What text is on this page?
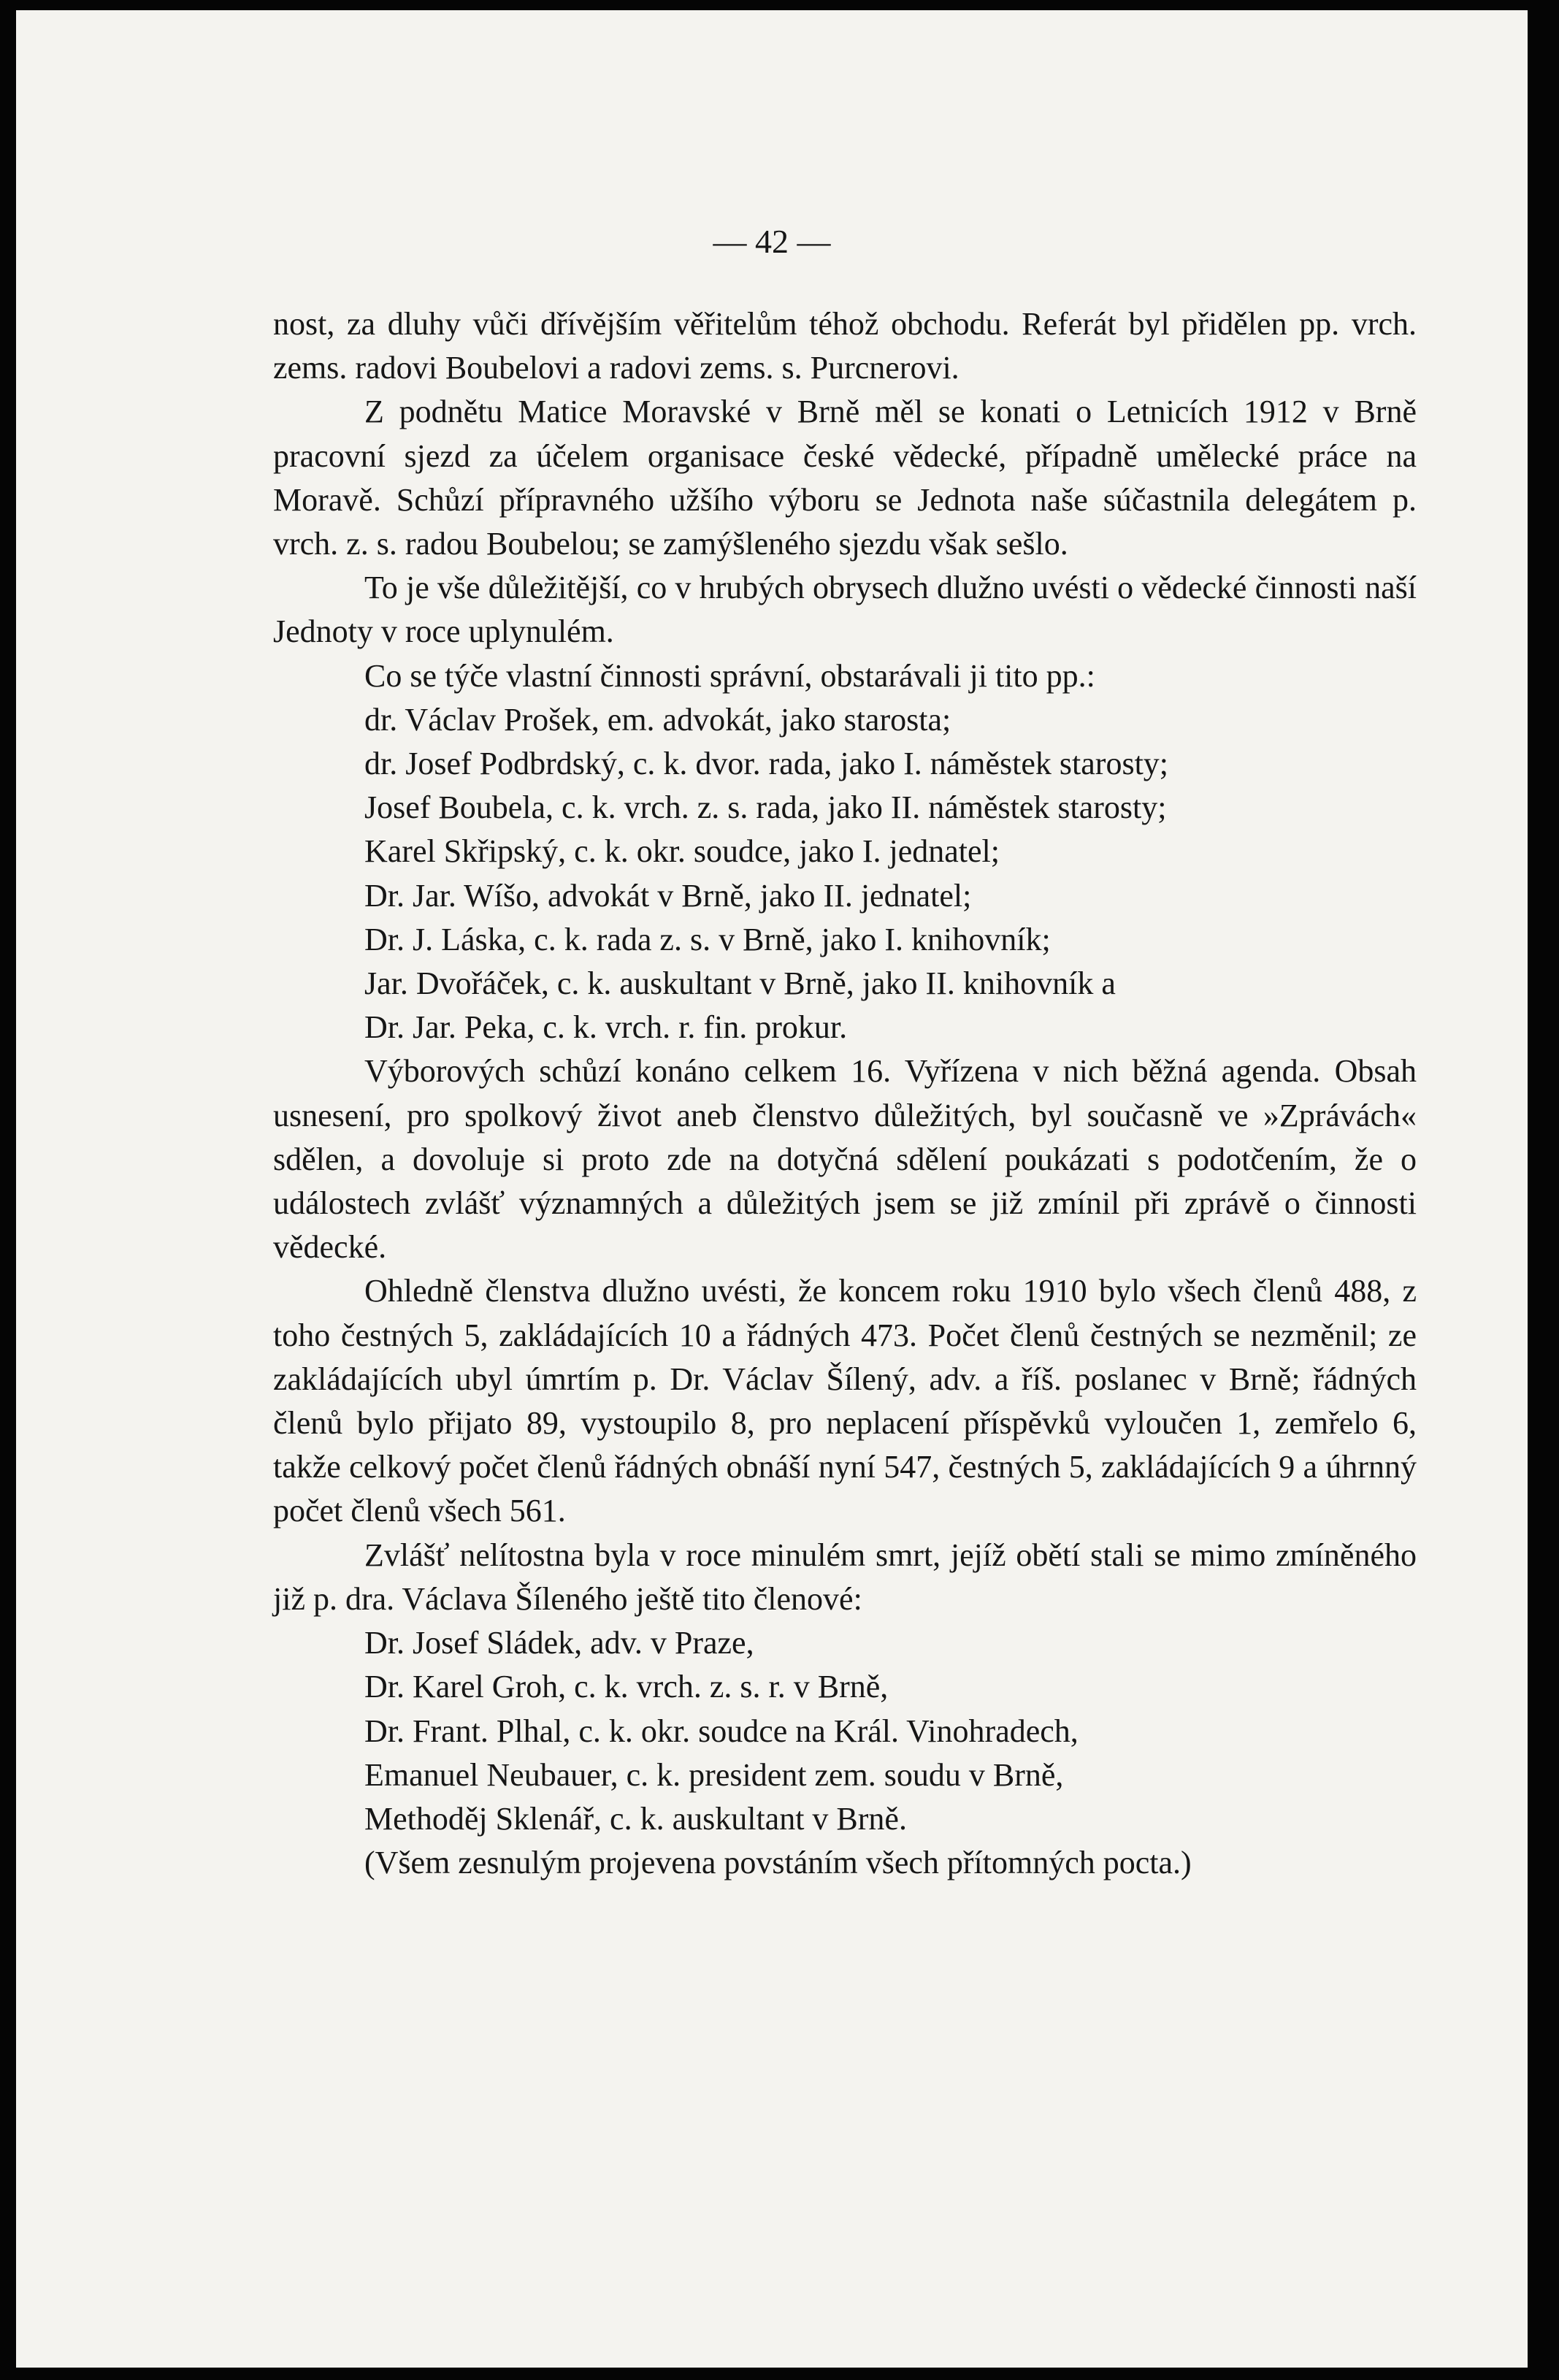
— 42 —

nost, za dluhy vůči dřívějším věřitelům téhož obchodu. Referát byl přidělen pp. vrch. zems. radovi Boubelovi a radovi zems. s. Purcnerovi.

Z podnětu Matice Moravské v Brně měl se konati o Letnicích 1912 v Brně pracovní sjezd za účelem organisace české vědecké, případně umělecké práce na Moravě. Schůzí přípravného užšího výboru se Jednota naše súčastnila delegátem p. vrch. z. s. radou Boubelou; se zamýšleného sjezdu však sešlo.

To je vše důležitější, co v hrubých obrysech dlužno uvésti o vědecké činnosti naší Jednoty v roce uplynulém.

Co se týče vlastní činnosti správní, obstarávali ji tito pp.:

dr. Václav Prošek, em. advokát, jako starosta;

dr. Josef Podbrdský, c. k. dvor. rada, jako I. náměstek starosty;

Josef Boubela, c. k. vrch. z. s. rada, jako II. náměstek starosty;

Karel Skřipský, c. k. okr. soudce, jako I. jednatel;

Dr. Jar. Wíšo, advokát v Brně, jako II. jednatel;

Dr. J. Láska, c. k. rada z. s. v Brně, jako I. knihovník;

Jar. Dvořáček, c. k. auskultant v Brně, jako II. knihovník a

Dr. Jar. Peka, c. k. vrch. r. fin. prokur.

Výborových schůzí konáno celkem 16. Vyřízena v nich běžná agenda. Obsah usnesení, pro spolkový život aneb členstvo důležitých, byl současně ve »Zprávách« sdělen, a dovoluje si proto zde na dotyčná sdělení poukázati s podotčením, že o událostech zvlášť významných a důležitých jsem se již zmínil při zprávě o činnosti vědecké.

Ohledně členstva dlužno uvésti, že koncem roku 1910 bylo všech členů 488, z toho čestných 5, zakládajících 10 a řádných 473. Počet členů čestných se nezměnil; ze zakládajících ubyl úmrtím p. Dr. Václav Šílený, adv. a říš. poslanec v Brně; řádných členů bylo přijato 89, vystoupilo 8, pro neplacení příspěvků vyloučen 1, zemřelo 6, takže celkový počet členů řádných obnáší nyní 547, čestných 5, zakládajících 9 a úhrnný počet členů všech 561.

Zvlášť nelítostna byla v roce minulém smrt, jejíž obětí stali se mimo zmíněného již p. dra. Václava Šíleného ještě tito členové:

Dr. Josef Sládek, adv. v Praze,

Dr. Karel Groh, c. k. vrch. z. s. r. v Brně,

Dr. Frant. Plhal, c. k. okr. soudce na Král. Vinohradech,

Emanuel Neubauer, c. k. president zem. soudu v Brně,

Methoděj Sklenář, c. k. auskultant v Brně.

(Všem zesnulým projevena povstáním všech přítomných pocta.)
